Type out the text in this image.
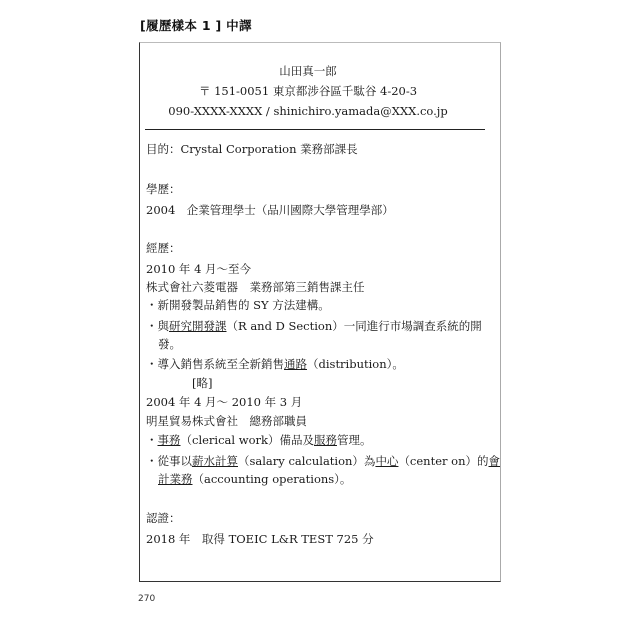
[履歷樣本 1 ] 中譯
山田真一郎
〒 151-0051 東京都涉谷區千駄谷 4-20-3
090-XXXX-XXXX / shinichiro.yamada@XXX.co.jp
目的：Crystal Corporation 業務部課長
學歷：
2004　企業管理學士（品川國際大學管理學部）
經歷：
2010 年 4 月～至今
株式會社六菱電器　業務部第三銷售課主任
・新開發製品銷售的 SY 方法建構。
・與研究開發課（R and D Section）一同進行市場調查系統的開
發。
・導入銷售系統至全新銷售通路（distribution）。
[略]
2004 年 4 月～ 2010 年 3 月
明星貿易株式會社　總務部職員
・事務（clerical work）備品及服務管理。
・從事以薪水計算（salary calculation）為中心（center on）的會
計業務（accounting operations）。
認證：
2018 年　取得 TOEIC L&R TEST 725 分
270
